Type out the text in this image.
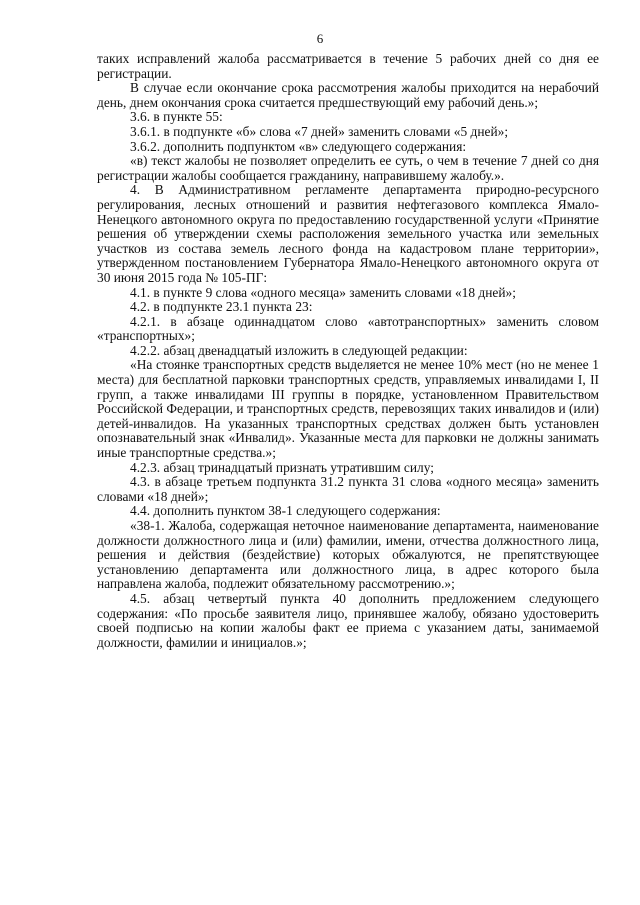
6

таких исправлений жалоба рассматривается в течение 5 рабочих дней со дня ее регистрации.

В случае если окончание срока рассмотрения жалобы приходится на нерабочий день, днем окончания срока считается предшествующий ему рабочий день.»;

3.6. в пункте 55:

3.6.1. в подпункте «б» слова «7 дней» заменить словами «5 дней»;

3.6.2. дополнить подпунктом «в» следующего содержания:

«в) текст жалобы не позволяет определить ее суть, о чем в течение 7 дней со дня регистрации жалобы сообщается гражданину, направившему жалобу.».

4. В Административном регламенте департамента природно-ресурсного регулирования, лесных отношений и развития нефтегазового комплекса Ямало-Ненецкого автономного округа по предоставлению государственной услуги «Принятие решения об утверждении схемы расположения земельного участка или земельных участков из состава земель лесного фонда на кадастровом плане территории», утвержденном постановлением Губернатора Ямало-Ненецкого автономного округа от 30 июня 2015 года № 105-ПГ:

4.1. в пункте 9 слова «одного месяца» заменить словами «18 дней»;

4.2. в подпункте 23.1 пункта 23:

4.2.1. в абзаце одиннадцатом слово «автотранспортных» заменить словом «транспортных»;

4.2.2. абзац двенадцатый изложить в следующей редакции:

«На стоянке транспортных средств выделяется не менее 10% мест (но не менее 1 места) для бесплатной парковки транспортных средств, управляемых инвалидами I, II групп, а также инвалидами III группы в порядке, установленном Правительством Российской Федерации, и транспортных средств, перевозящих таких инвалидов и (или) детей-инвалидов. На указанных транспортных средствах должен быть установлен опознавательный знак «Инвалид». Указанные места для парковки не должны занимать иные транспортные средства.»;

4.2.3. абзац тринадцатый признать утратившим силу;

4.3. в абзаце третьем подпункта 31.2 пункта 31 слова «одного месяца» заменить словами «18 дней»;

4.4. дополнить пунктом 38-1 следующего содержания:

«38-1. Жалоба, содержащая неточное наименование департамента, наименование должности должностного лица и (или) фамилии, имени, отчества должностного лица, решения и действия (бездействие) которых обжалуются, не препятствующее установлению департамента или должностного лица, в адрес которого была направлена жалоба, подлежит обязательному рассмотрению.»;

4.5. абзац четвертый пункта 40 дополнить предложением следующего содержания: «По просьбе заявителя лицо, принявшее жалобу, обязано удостоверить своей подписью на копии жалобы факт ее приема с указанием даты, занимаемой должности, фамилии и инициалов.»;
